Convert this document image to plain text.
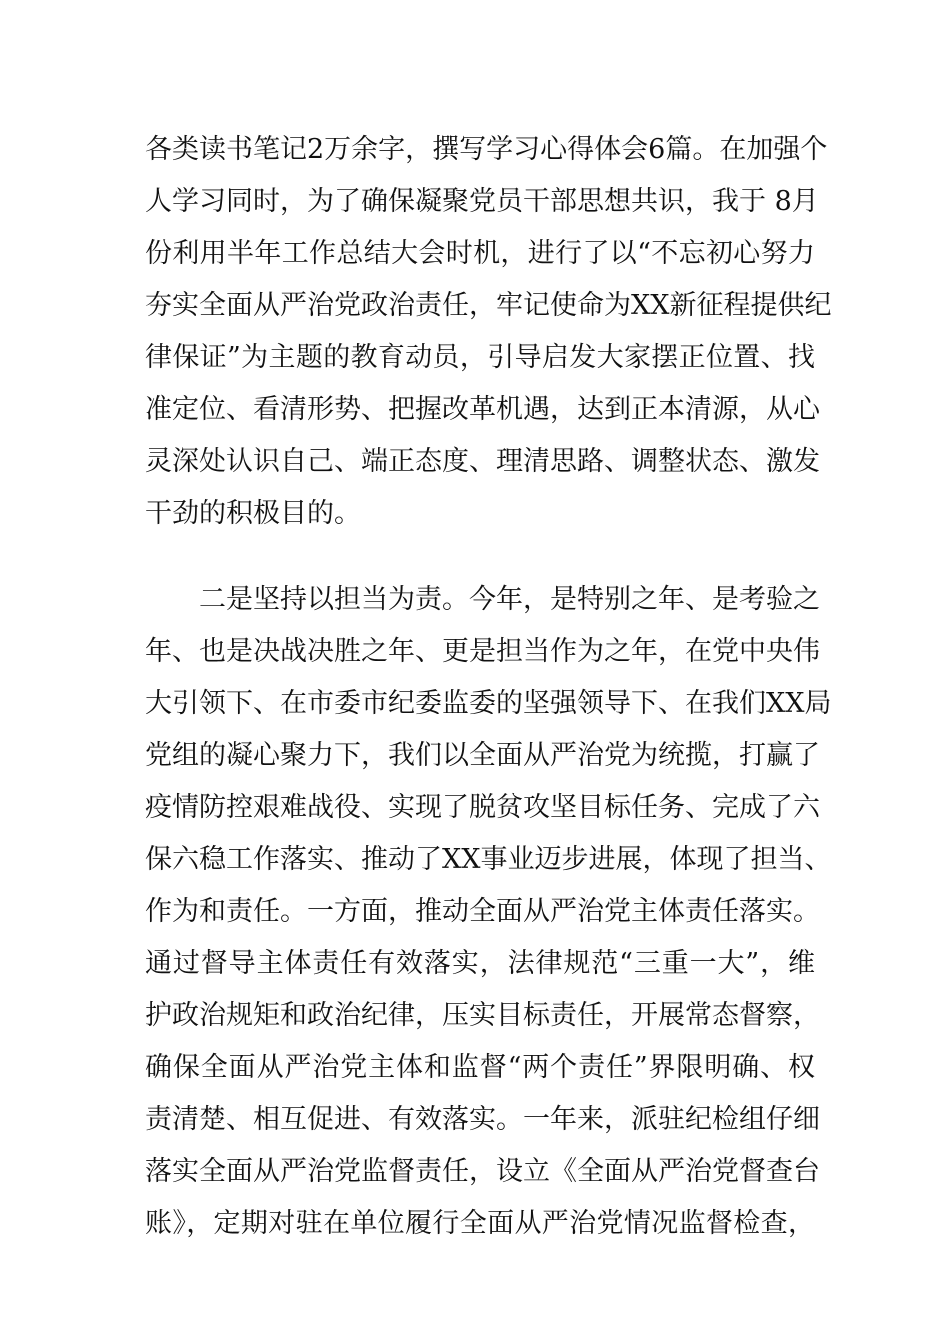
各类读书笔记2万余字，撰写学习心得体会6篇。在加强个
人学习同时，为了确保凝聚党员干部思想共识，我于 8月
份利用半年工作总结大会时机，进行了以“不忘初心努力
夯实全面从严治党政治责任，牢记使命为XX新征程提供纪
律保证”为主题的教育动员，引导启发大家摆正位置、找
准定位、看清形势、把握改革机遇，达到正本清源，从心
灵深处认识自己、端正态度、理清思路、调整状态、激发
干劲的积极目的。
二是坚持以担当为责。今年，是特别之年、是考验之
年、也是决战决胜之年、更是担当作为之年，在党中央伟
大引领下、在市委市纪委监委的坚强领导下、在我们XX局
党组的凝心聚力下，我们以全面从严治党为统揽，打赢了
疫情防控艰难战役、实现了脱贫攻坚目标任务、完成了六
保六稳工作落实、推动了XX事业迈步进展，体现了担当、
作为和责任。一方面，推动全面从严治党主体责任落实。
通过督导主体责任有效落实，法律规范“三重一大”，维
护政治规矩和政治纪律，压实目标责任，开展常态督察，
确保全面从严治党主体和监督“两个责任”界限明确、权
责清楚、相互促进、有效落实。一年来，派驻纪检组仔细
落实全面从严治党监督责任，设立《全面从严治党督查台
账》，定期对驻在单位履行全面从严治党情况监督检查，
